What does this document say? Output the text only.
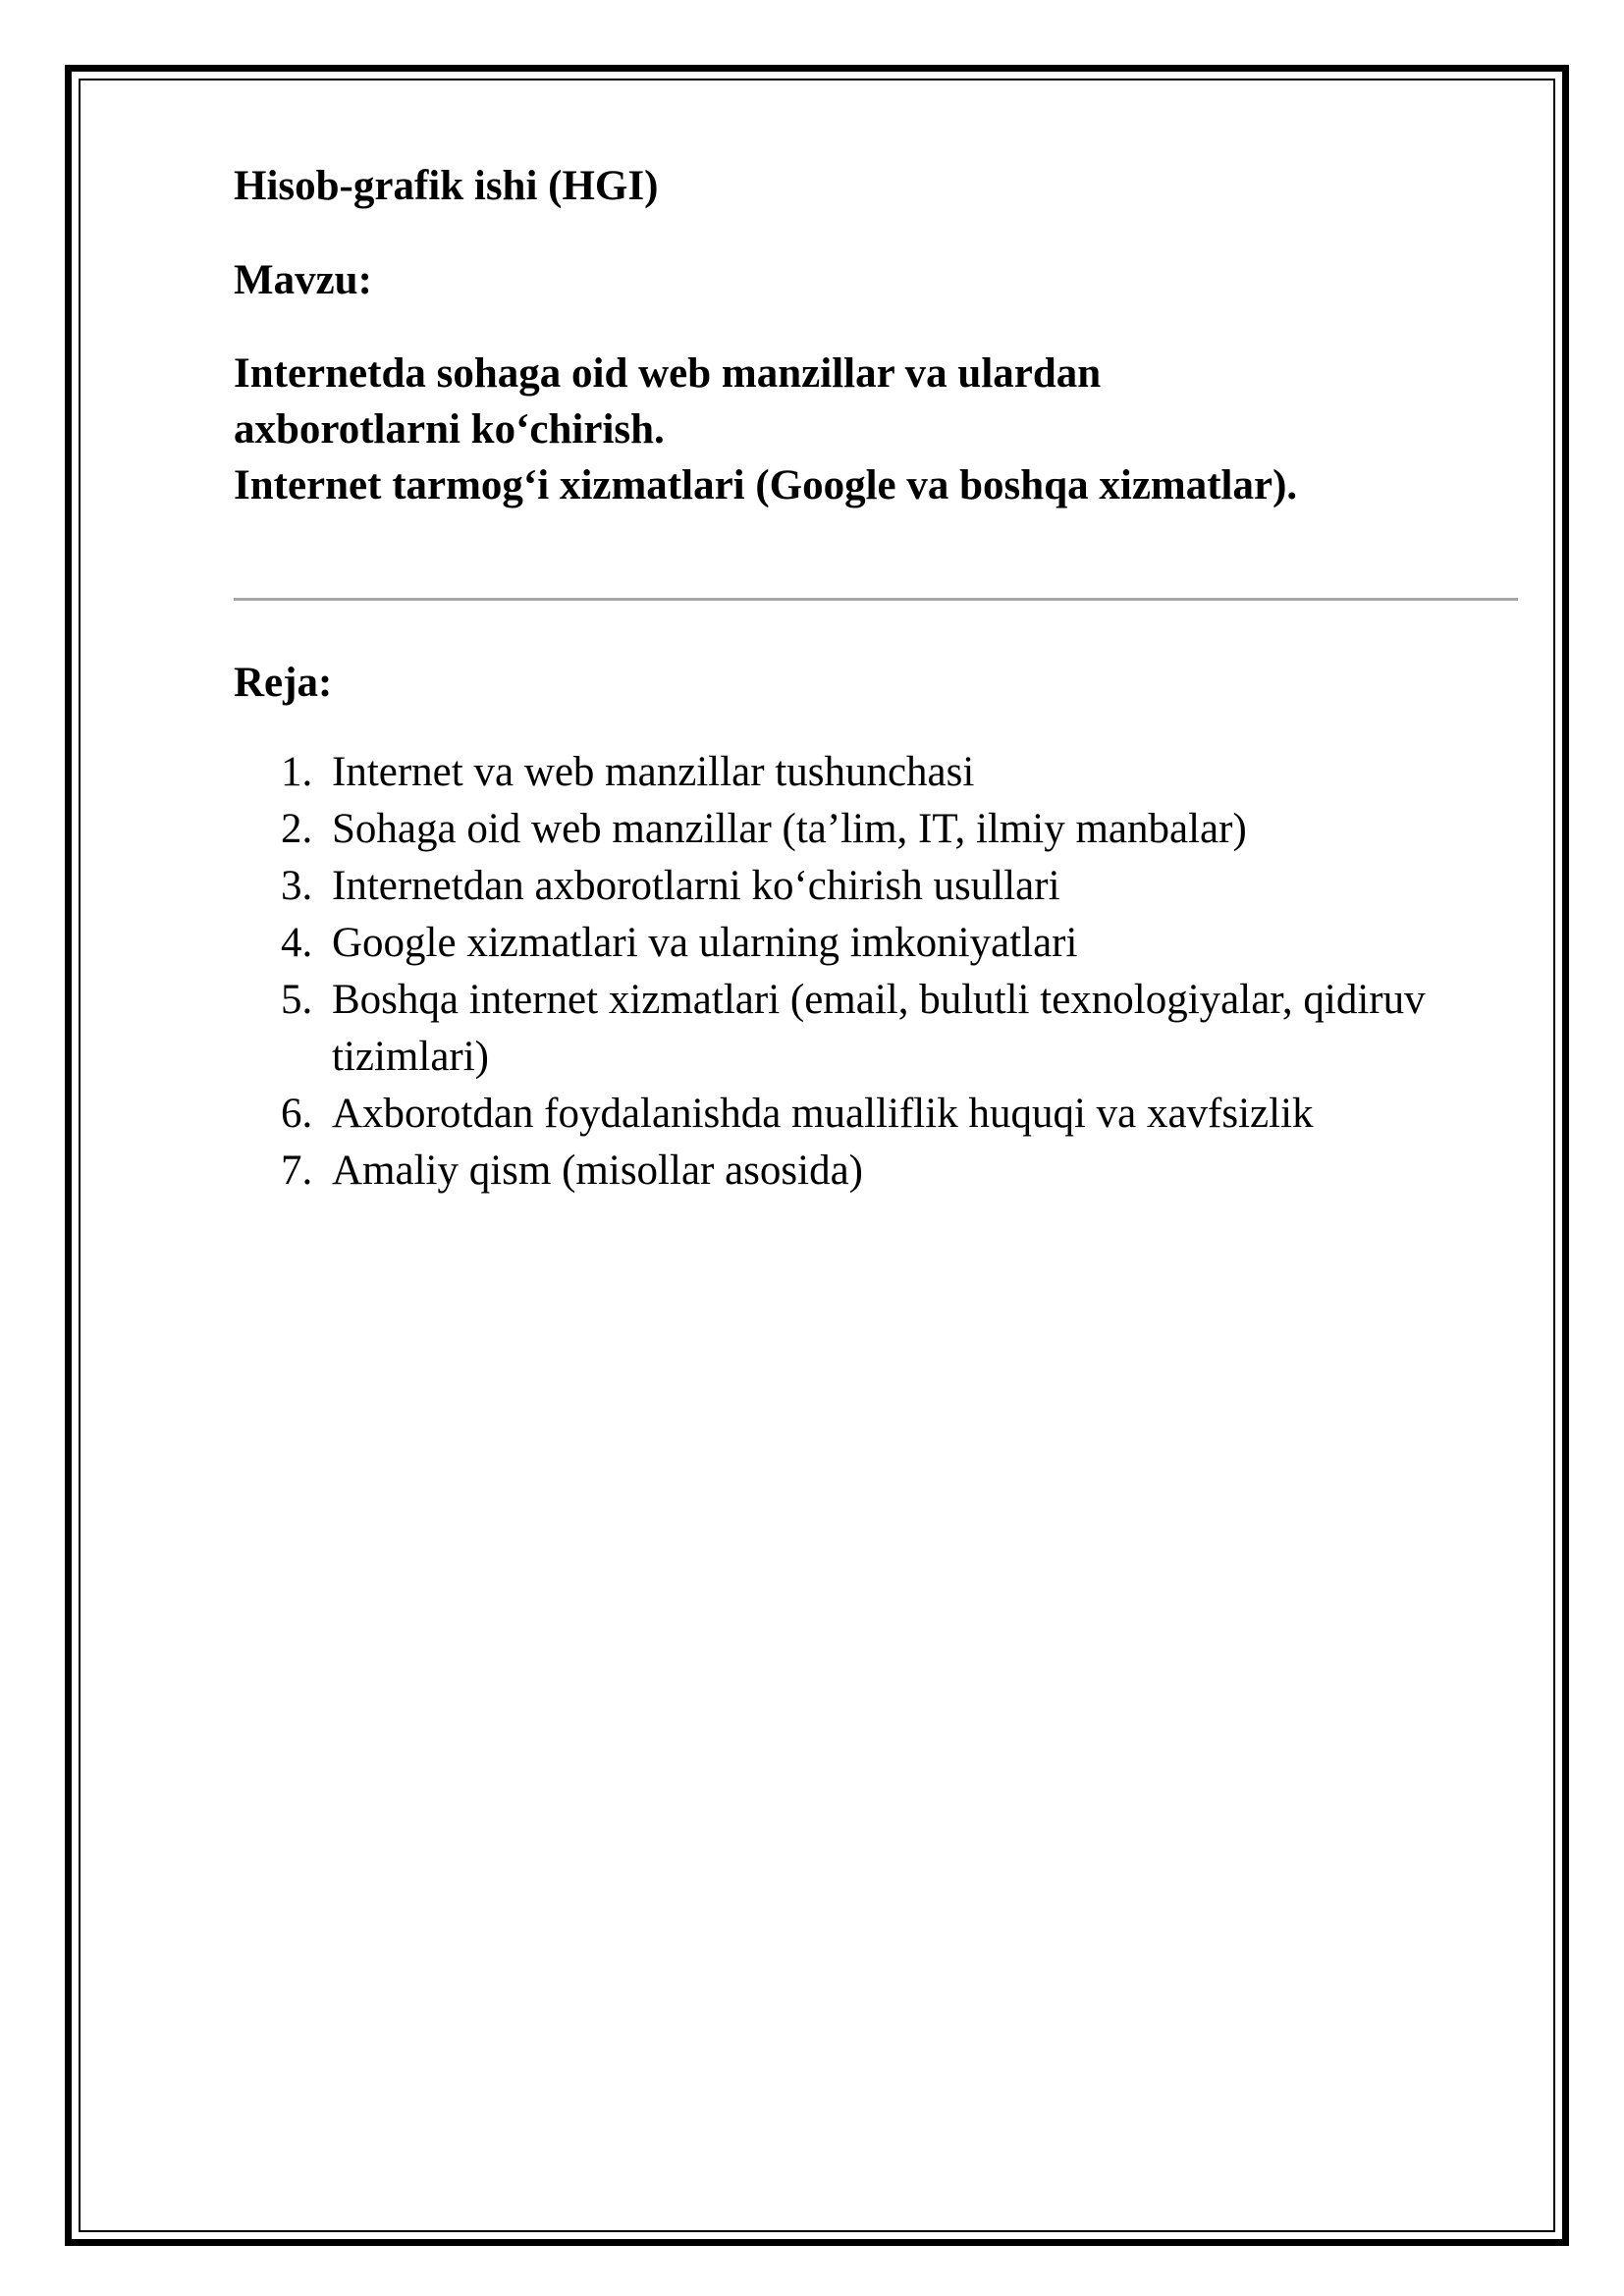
Hisob-grafik ishi (HGI)
Mavzu:
Internetda sohaga oid web manzillar va ulardan
axborotlarni ko‘chirish.
Internet tarmog‘i xizmatlari (Google va boshqa xizmatlar).
Reja:
1. Internet va web manzillar tushunchasi
2. Sohaga oid web manzillar (ta’lim, IT, ilmiy manbalar)
3. Internetdan axborotlarni ko‘chirish usullari
4. Google xizmatlari va ularning imkoniyatlari
5. Boshqa internet xizmatlari (email, bulutli texnologiyalar, qidiruv tizimlari)
6. Axborotdan foydalanishda mualliflik huquqi va xavfsizlik
7. Amaliy qism (misollar asosida)
